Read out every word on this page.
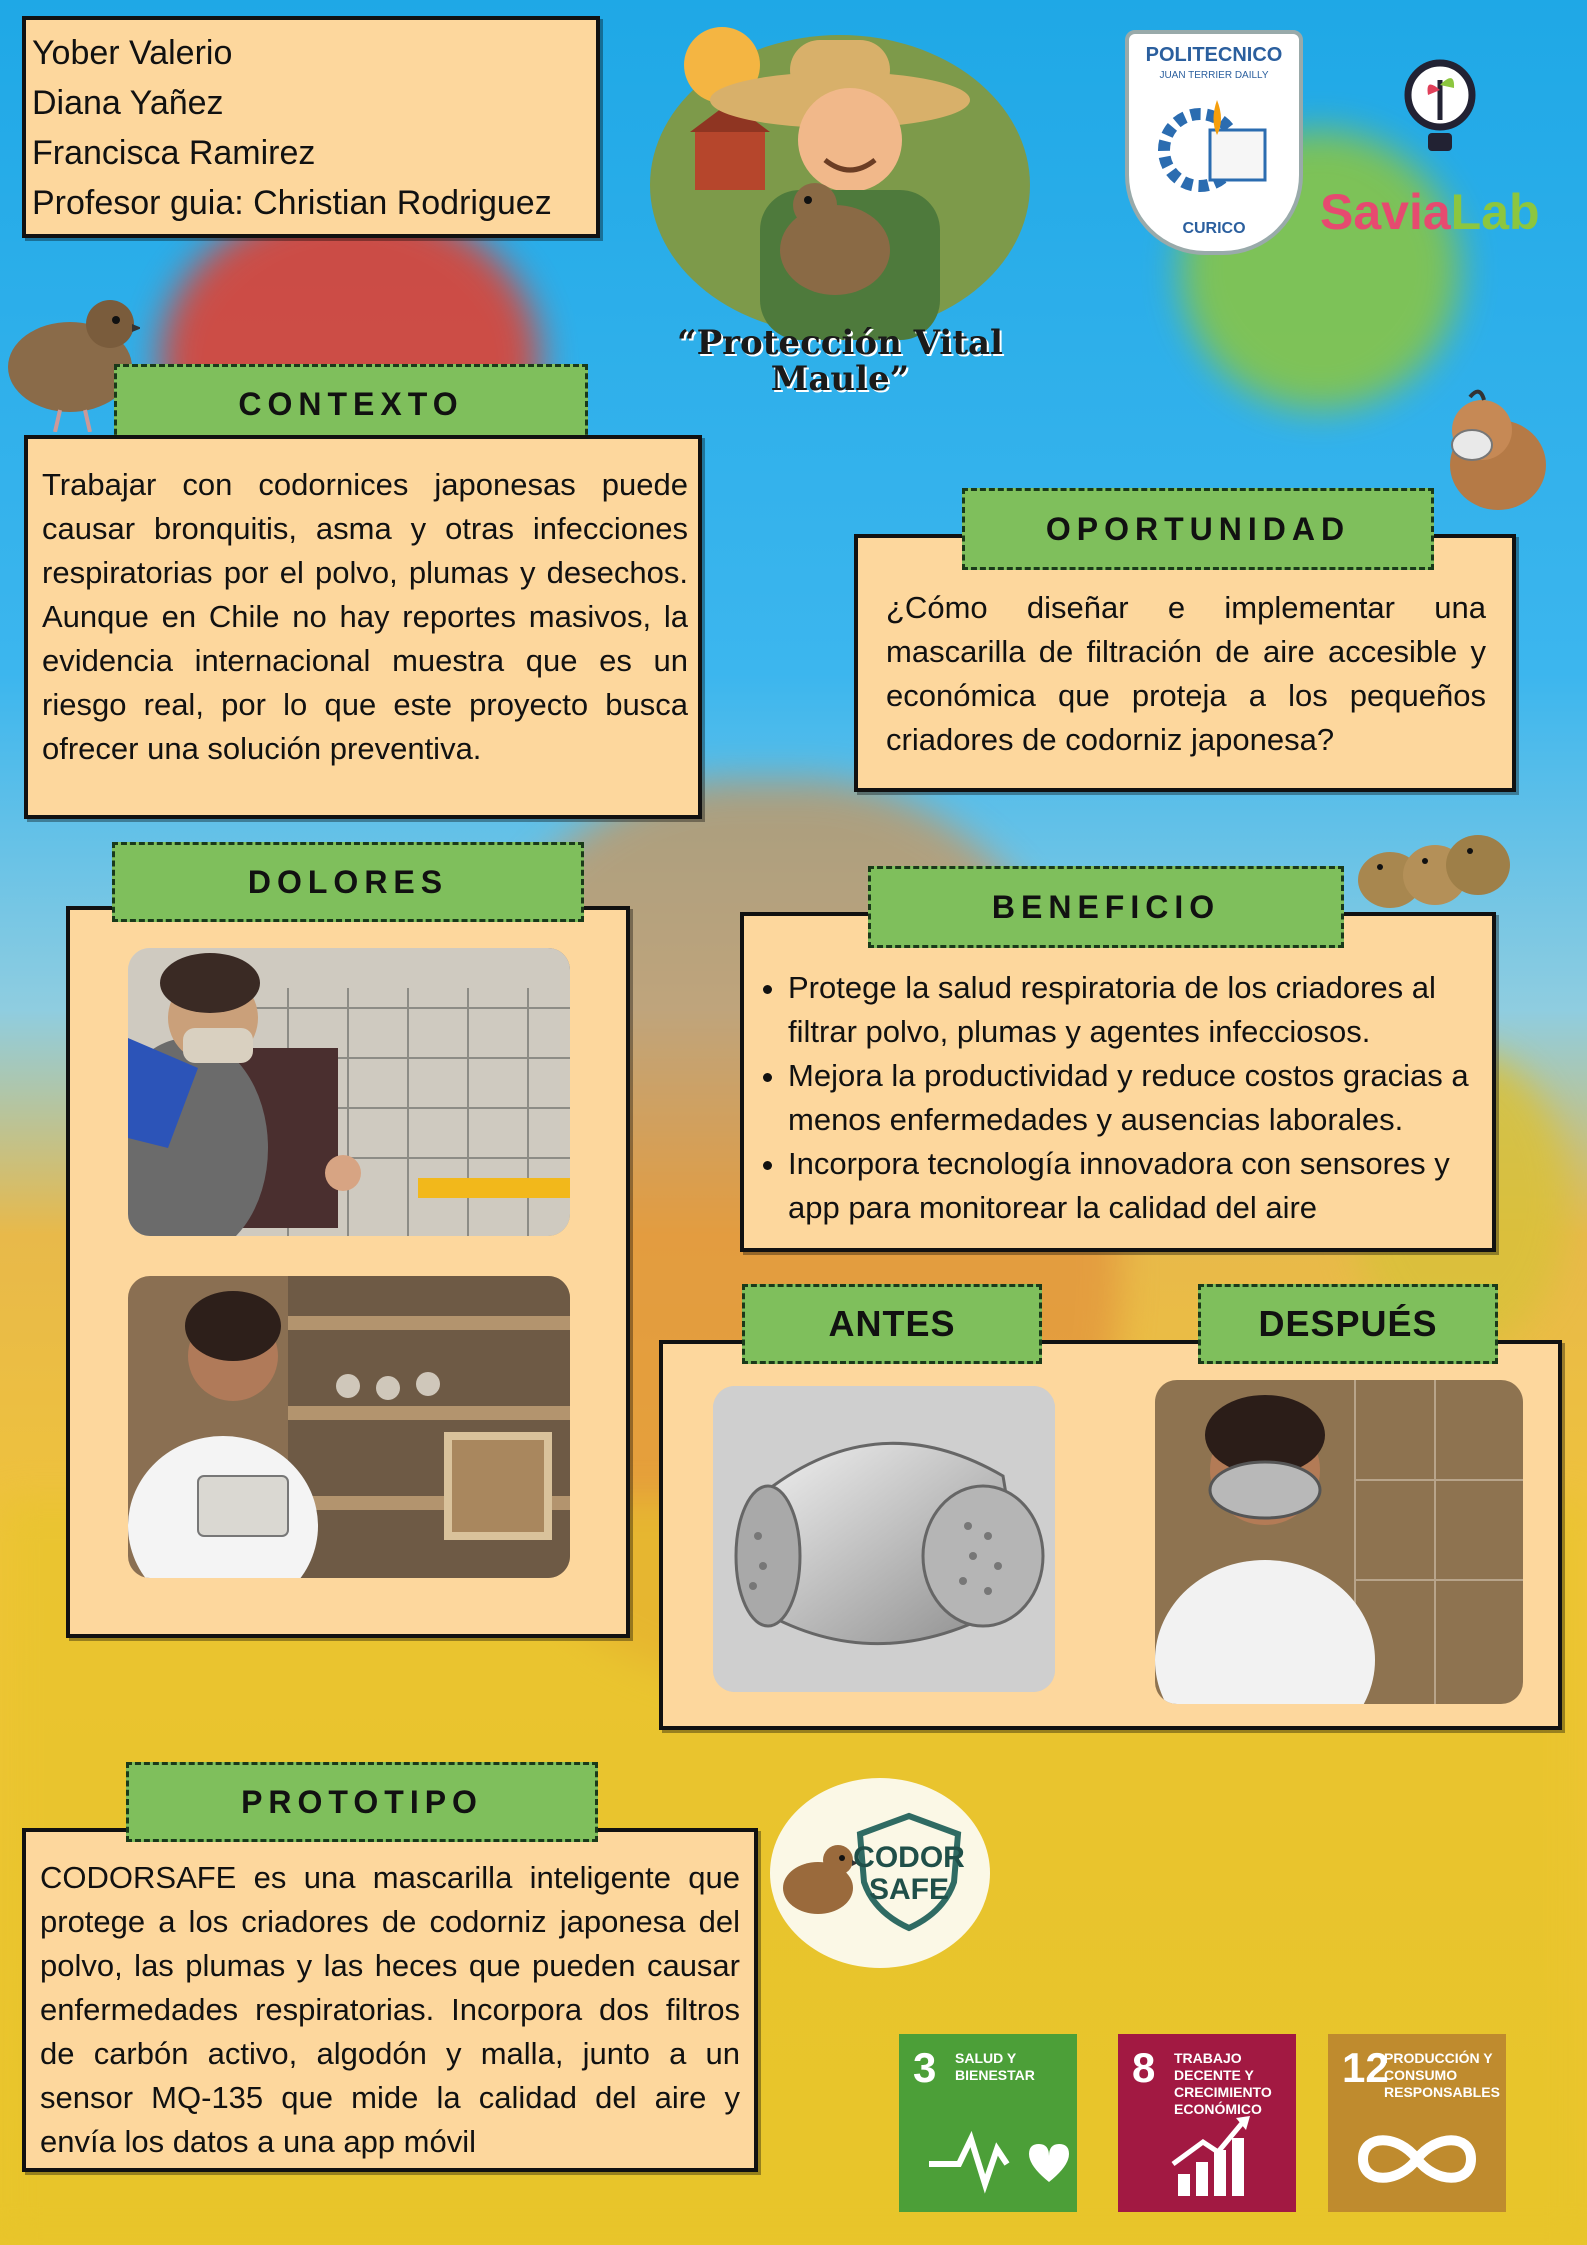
Yober Valerio
Diana Yañez
Francisca Ramirez
Profesor guia: Christian Rodriguez
“Protección Vital Maule”
POLITECNICO
JUAN TERRIER DAILLY
CURICO	SaviaLab
CONTEXTO
Trabajar con codornices japonesas puede causar bronquitis, asma y otras infecciones respiratorias por el polvo, plumas y desechos. Aunque en Chile no hay reportes masivos, la evidencia internacional muestra que es un riesgo real, por lo que este proyecto busca ofrecer una solución preventiva.
¿Cómo diseñar e implementar una mascarilla de filtración de aire accesible y económica que proteja a los pequeños criadores de codorniz japonesa?
OPORTUNIDAD
DOLORES
• Protege la salud respiratoria de los criadores al filtrar polvo, plumas y agentes infecciosos.
• Mejora la productividad y reduce costos gracias a menos enfermedades y ausencias laborales.
• Incorpora tecnología innovadora con sensores y app para monitorear la calidad del aire
BENEFICIO
ANTES	DESPUÉS
CODORSAFE es una mascarilla inteligente que protege a los criadores de codorniz japonesa del polvo, las plumas y las heces que pueden causar enfermedades respiratorias. Incorpora dos filtros de carbón activo, algodón y malla, junto a un sensor MQ-135 que mide la calidad del aire y envía los datos a una app móvil
PROTOTIPO
CODOR
SAFE
3 SALUD Y BIENESTAR	8 TRABAJO DECENTE Y CRECIMIENTO ECONÓMICO
12
PRODUCCIÓN Y CONSUMO RESPONSABLES
